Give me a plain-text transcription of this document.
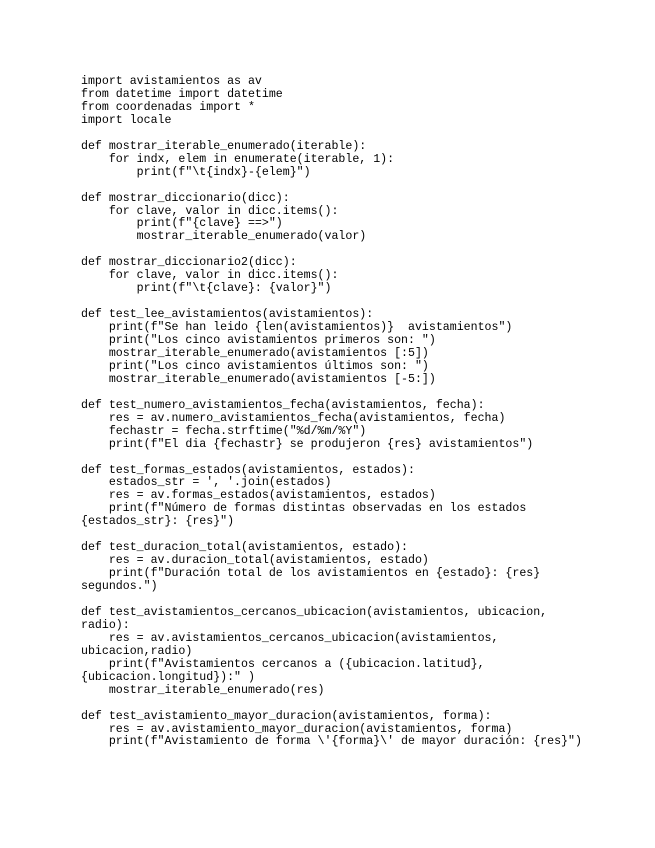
import avistamientos as av
from datetime import datetime
from coordenadas import *
import locale
def mostrar_iterable_enumerado(iterable):
for indx, elem in enumerate(iterable, 1):
print(f"\t{indx}-{elem}")
def mostrar_diccionario(dicc):
for clave, valor in dicc.items():
print(f"{clave} ==>")
mostrar_iterable_enumerado(valor)
def mostrar_diccionario2(dicc):
for clave, valor in dicc.items():
print(f"\t{clave}: {valor}")
def test_lee_avistamientos(avistamientos):
print(f"Se han leido {len(avistamientos)}  avistamientos")
print("Los cinco avistamientos primeros son: ")
mostrar_iterable_enumerado(avistamientos [:5])
print("Los cinco avistamientos últimos son: ")
mostrar_iterable_enumerado(avistamientos [-5:])
def test_numero_avistamientos_fecha(avistamientos, fecha):
res = av.numero_avistamientos_fecha(avistamientos, fecha)
fechastr = fecha.strftime("%d/%m/%Y")
print(f"El dia {fechastr} se produjeron {res} avistamientos")
def test_formas_estados(avistamientos, estados):
estados_str = ', '.join(estados)
res = av.formas_estados(avistamientos, estados)
print(f"Número de formas distintas observadas en los estados
{estados_str}: {res}")
def test_duracion_total(avistamientos, estado):
res = av.duracion_total(avistamientos, estado)
print(f"Duración total de los avistamientos en {estado}: {res}
segundos.")
def test_avistamientos_cercanos_ubicacion(avistamientos, ubicacion,
radio):
res = av.avistamientos_cercanos_ubicacion(avistamientos,
ubicacion,radio)
print(f"Avistamientos cercanos a ({ubicacion.latitud},
{ubicacion.longitud}):" )
mostrar_iterable_enumerado(res)
def test_avistamiento_mayor_duracion(avistamientos, forma):
res = av.avistamiento_mayor_duracion(avistamientos, forma)
print(f"Avistamiento de forma \'{forma}\' de mayor duración: {res}")
